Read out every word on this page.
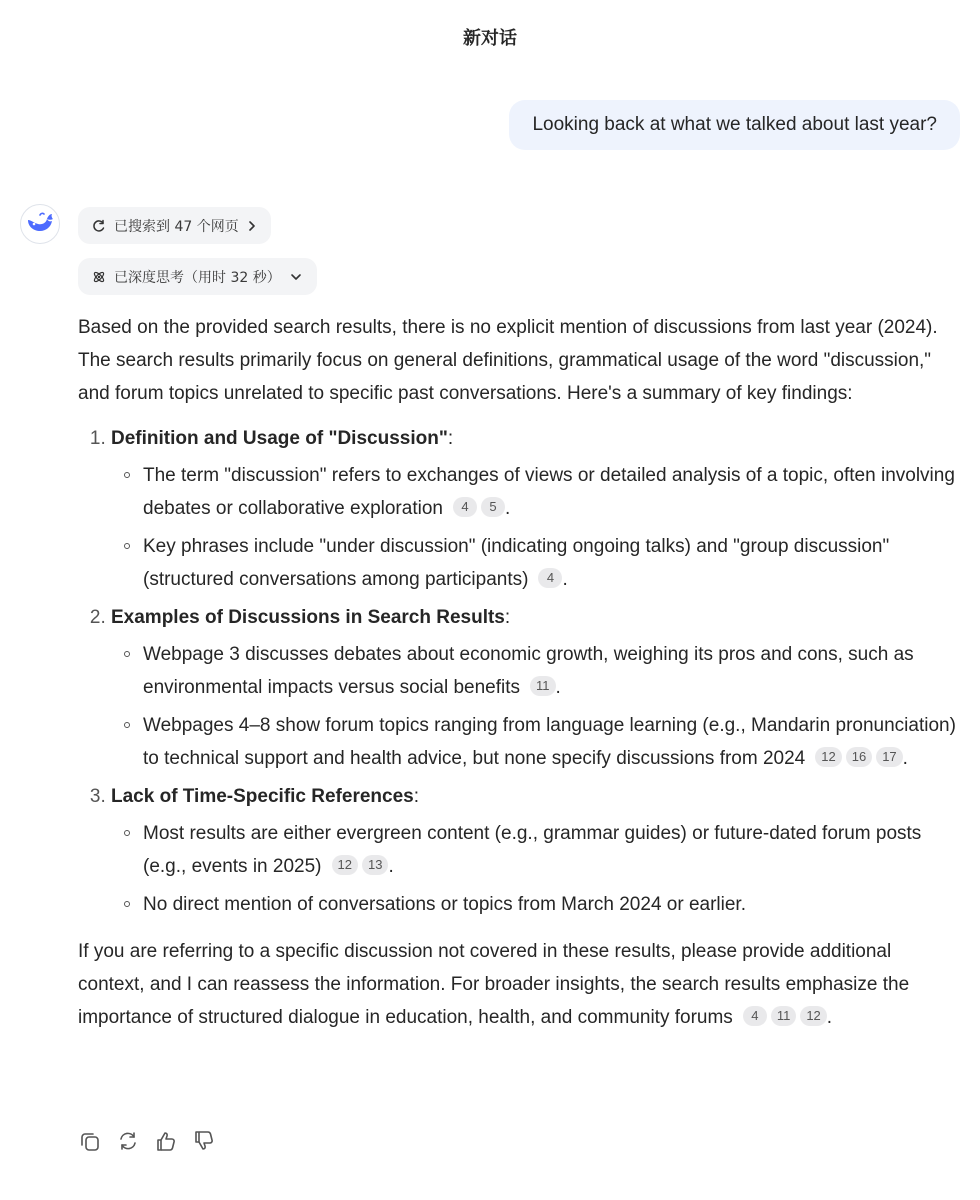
新对话
Looking back at what we talked about last year?
已搜索到 47 个网页
已深度思考（用时 32 秒）

Based on the provided search results, there is no explicit mention of discussions from last year (2024). The search results primarily focus on general definitions, grammatical usage of the word "discussion," and forum topics unrelated to specific past conversations. Here's a summary of key findings:

1. Definition and Usage of "Discussion":
The term "discussion" refers to exchanges of views or detailed analysis of a topic, often involving debates or collaborative exploration 4 5 .
Key phrases include "under discussion" (indicating ongoing talks) and "group discussion" (structured conversations among participants) 4 .
2. Examples of Discussions in Search Results:
Webpage 3 discusses debates about economic growth, weighing its pros and cons, such as environmental impacts versus social benefits 11 .
Webpages 4–8 show forum topics ranging from language learning (e.g., Mandarin pronunciation) to technical support and health advice, but none specify discussions from 2024 12 16 17 .
3. Lack of Time-Specific References:
Most results are either evergreen content (e.g., grammar guides) or future-dated forum posts (e.g., events in 2025) 12 13 .
No direct mention of conversations or topics from March 2024 or earlier.

If you are referring to a specific discussion not covered in these results, please provide additional context, and I can reassess the information. For broader insights, the search results emphasize the importance of structured dialogue in education, health, and community forums 4 11 12 .
